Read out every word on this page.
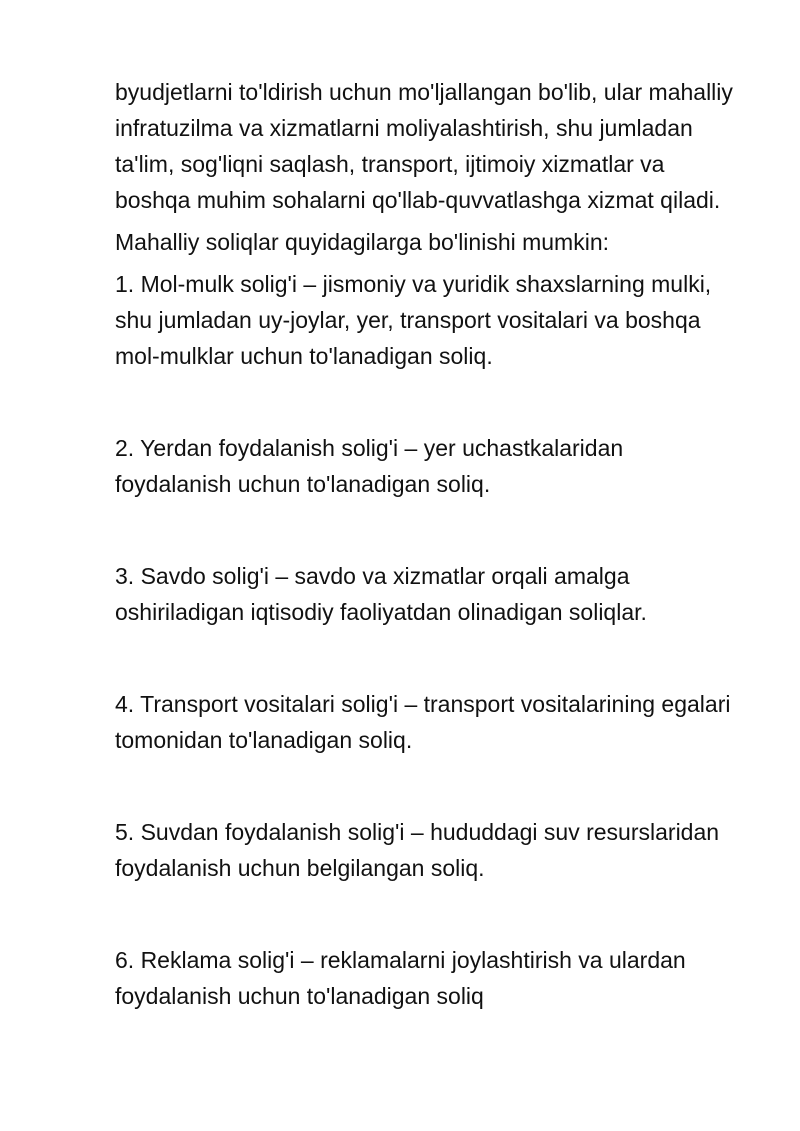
byudjetlarni to'ldirish uchun mo'ljallangan bo'lib, ular mahalliy infratuzilma va xizmatlarni moliyalashtirish, shu jumladan ta'lim, sog'liqni saqlash, transport, ijtimoiy xizmatlar va boshqa muhim sohalarni qo'llab-quvvatlashga xizmat qiladi.

Mahalliy soliqlar quyidagilarga bo'linishi mumkin:

1. Mol-mulk solig'i – jismoniy va yuridik shaxslarning mulki, shu jumladan uy-joylar, yer, transport vositalari va boshqa mol-mulklar uchun to'lanadigan soliq.

2. Yerdan foydalanish solig'i – yer uchastkalaridan foydalanish uchun to'lanadigan soliq.

3. Savdo solig'i – savdo va xizmatlar orqali amalga oshiriladigan iqtisodiy faoliyatdan olinadigan soliqlar.

4. Transport vositalari solig'i – transport vositalarining egalari tomonidan to'lanadigan soliq.

5. Suvdan foydalanish solig'i – hududdagi suv resurslaridan foydalanish uchun belgilangan soliq.

6. Reklama solig'i – reklamalarni joylashtirish va ulardan foydalanish uchun to'lanadigan soliq
